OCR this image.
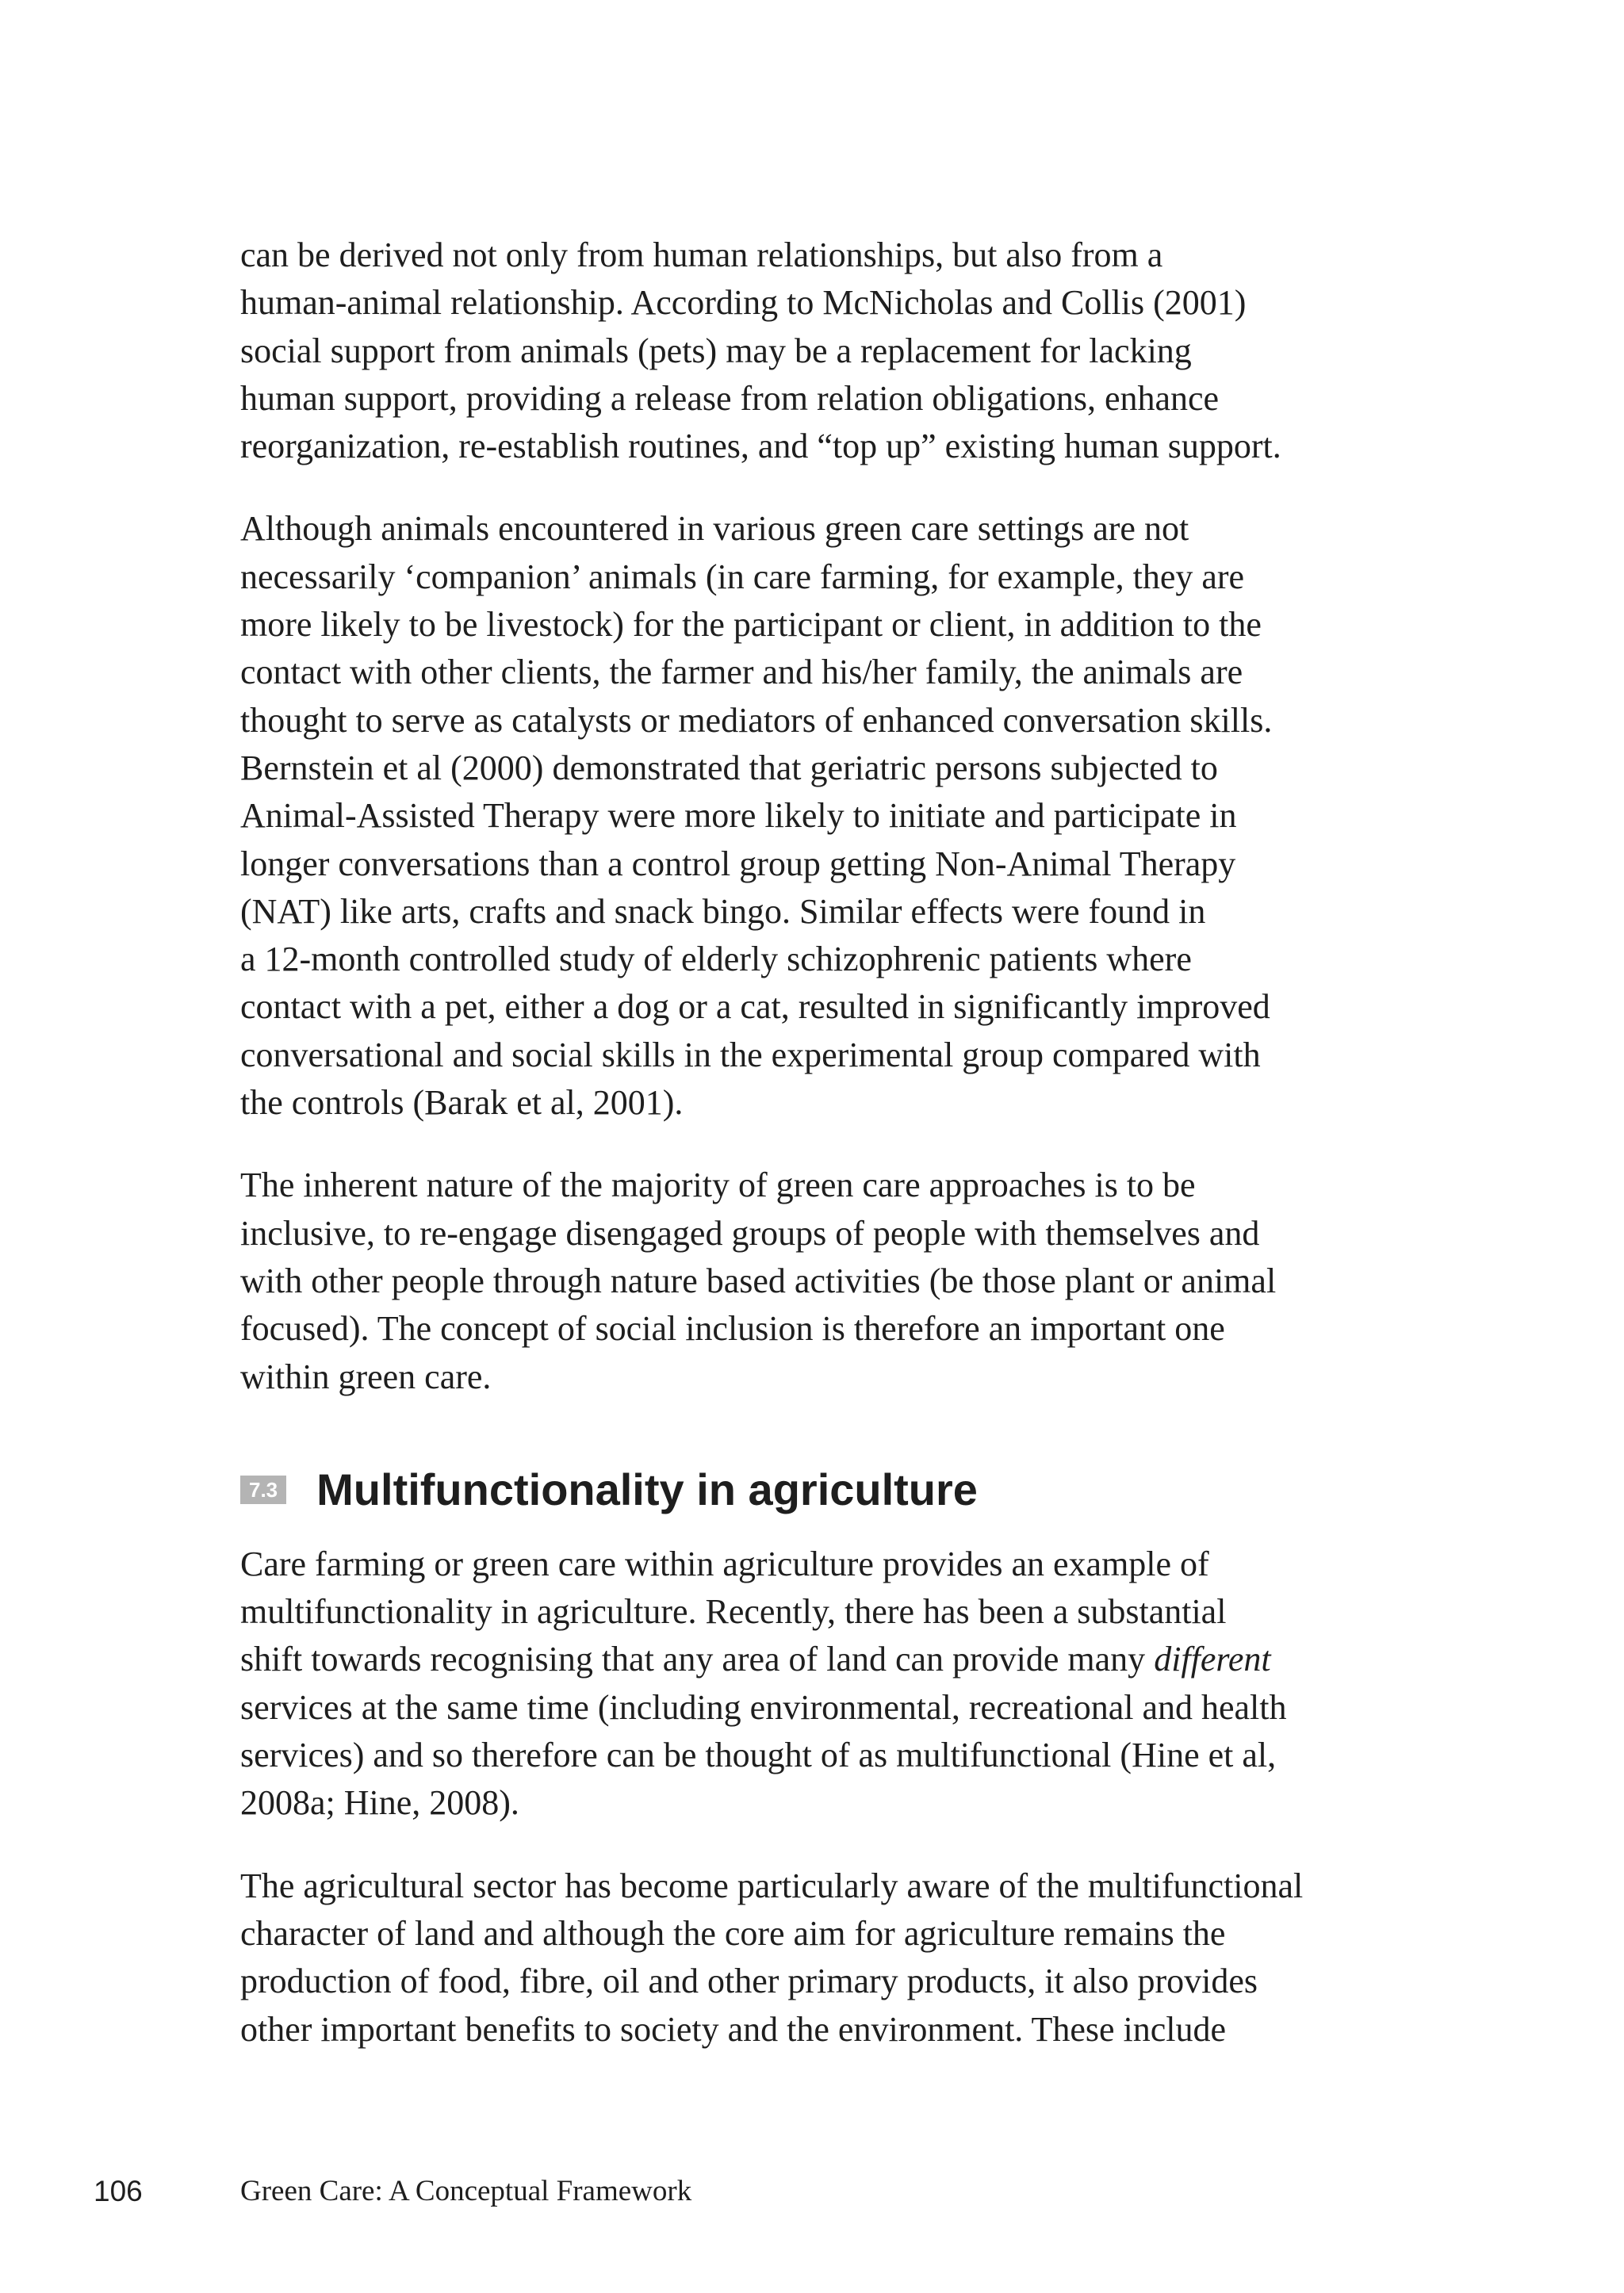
can be derived not only from human relationships, but also from a
human-animal relationship. According to McNicholas and Collis (2001)
social support from animals (pets) may be a replacement for lacking
human support, providing a release from relation obligations, enhance
reorganization, re-establish routines, and “top up” existing human support.

Although animals encountered in various green care settings are not
necessarily ‘companion’ animals (in care farming, for example, they are
more likely to be livestock) for the participant or client, in addition to the
contact with other clients, the farmer and his/her family, the animals are
thought to serve as catalysts or mediators of enhanced conversation skills.
Bernstein et al (2000) demonstrated that geriatric persons subjected to
Animal-Assisted Therapy were more likely to initiate and participate in
longer conversations than a control group getting Non-Animal Therapy
(NAT) like arts, crafts and snack bingo. Similar effects were found in
a 12-month controlled study of elderly schizophrenic patients where
contact with a pet, either a dog or a cat, resulted in significantly improved
conversational and social skills in the experimental group compared with
the controls (Barak et al, 2001).

The inherent nature of the majority of green care approaches is to be
inclusive, to re-engage disengaged groups of people with themselves and
with other people through nature based activities (be those plant or animal
focused). The concept of social inclusion is therefore an important one
within green care.

7.3 Multifunctionality in agriculture

Care farming or green care within agriculture provides an example of
multifunctionality in agriculture. Recently, there has been a substantial
shift towards recognising that any area of land can provide many different
services at the same time (including environmental, recreational and health
services) and so therefore can be thought of as multifunctional (Hine et al,
2008a; Hine, 2008).

The agricultural sector has become particularly aware of the multifunctional
character of land and although the core aim for agriculture remains the
production of food, fibre, oil and other primary products, it also provides
other important benefits to society and the environment. These include

106	Green Care: A Conceptual Framework
